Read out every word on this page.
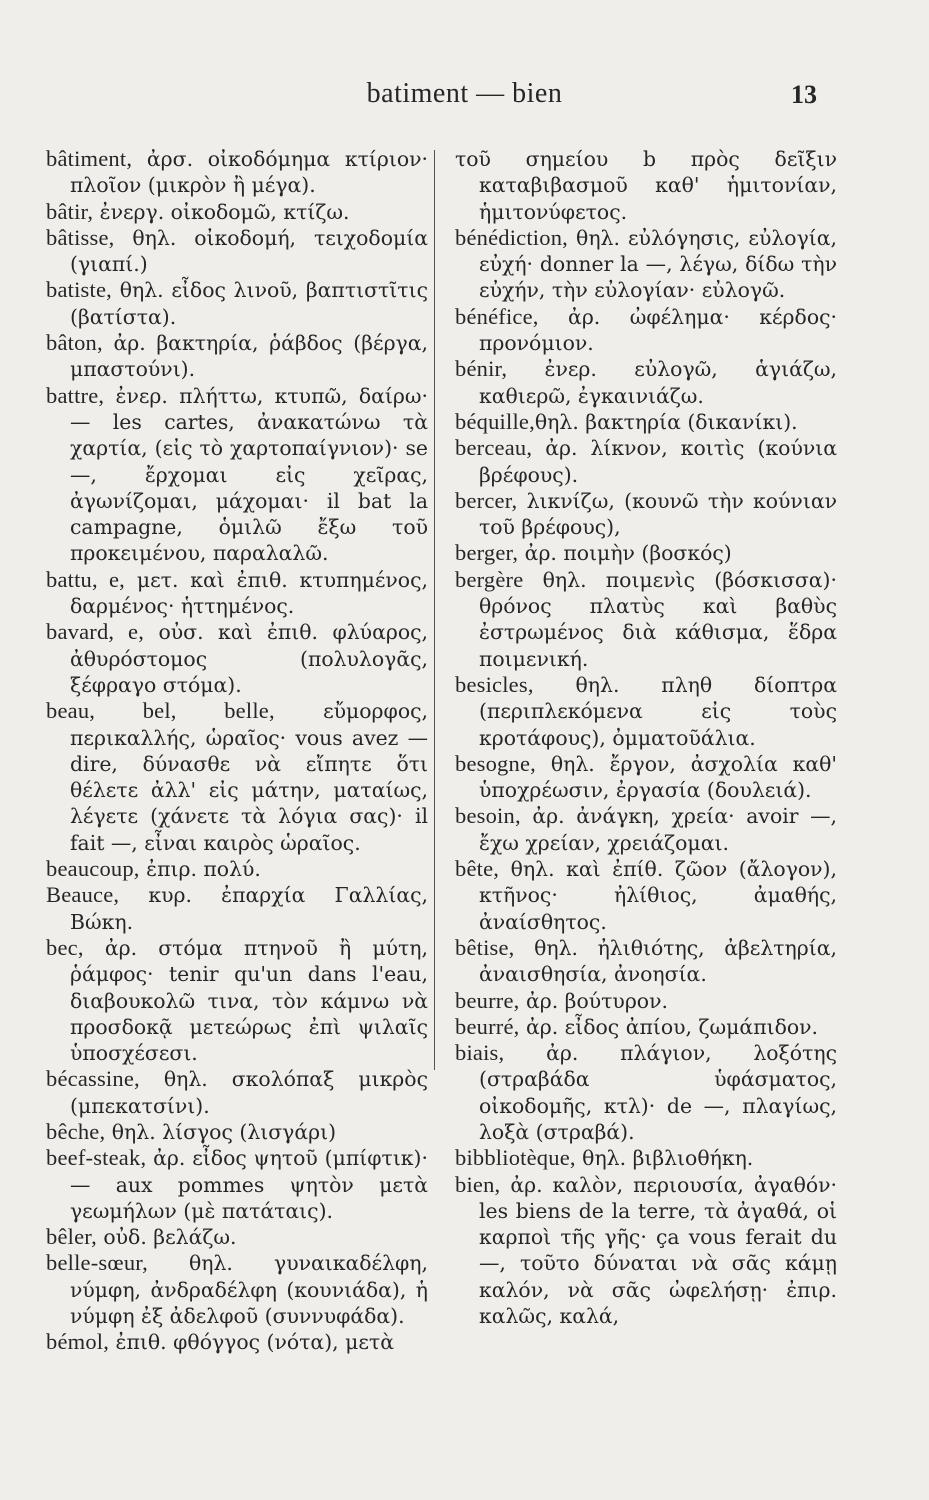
batiment — bien	13

bâtiment, ἀρσ. οἰκοδόμημα κτίριον· πλοῖον (μικρὸν ἢ μέγα).

bâtir, ἐνεργ. οἰκοδομῶ, κτίζω.

bâtisse, θηλ. οἰκοδομή, τειχοδομία (γιαπί.)

batiste, θηλ. εἶδος λινοῦ, βαπτιστῖτις (βατίστα).

bâton, ἀρ. βακτηρία, ῥάβδος (βέργα, μπαστούνι).

battre, ἐνερ. πλήττω, κτυπῶ, δαίρω· — les cartes, ἀνακατώνω τὰ χαρτία, (εἰς τὸ χαρτοπαίγνιον)· se —, ἔρχομαι εἰς χεῖρας, ἀγωνίζομαι, μάχομαι· il bat la campagne, ὁμιλῶ ἔξω τοῦ προκειμένου, παραλαλῶ.

battu, e, μετ. καὶ ἐπιθ. κτυπημένος, δαρμένος· ἡττημένος.

bavard, e, οὐσ. καὶ ἐπιθ. φλύαρος, ἀθυρόστομος (πολυλογᾶς, ξέφραγο στόμα).

beau, bel, belle, εὔμορφος, περικαλλής, ὡραῖος· vous avez — dire, δύνασθε νὰ εἴπητε ὅτι θέλετε ἀλλ' εἰς μάτην, ματαίως, λέγετε (χάνετε τὰ λόγια σας)· il fait —, εἶναι καιρὸς ὡραῖος.

beaucoup, ἐπιρ. πολύ.

Beauce, κυρ. ἐπαρχία Γαλλίας, Βώκη.

bec, ἀρ. στόμα πτηνοῦ ἢ μύτη, ῥάμφος· tenir qu'un dans l'eau, διαβουκολῶ τινα, τὸν κάμνω νὰ προσδοκᾷ μετεώρως ἐπὶ ψιλαῖς ὑποσχέσεσι.

bécassine, θηλ. σκολόπαξ μικρὸς (μπεκατσίνι).

bêche, θηλ. λίσγος (λισγάρι)

beef-steak, ἀρ. εἶδος ψητοῦ (μπίφτικ)· — aux pommes ψητὸν μετὰ γεωμήλων (μὲ πατάταις).

bêler, οὐδ. βελάζω.

belle-sœur, θηλ. γυναικαδέλφη, νύμφη, ἀνδραδέλφη (κουνιάδα), ἡ νύμφη ἐξ ἀδελφοῦ (συννυφάδα).

bémol, ἐπιθ. φθόγγος (νότα), μετὰ

τοῦ σημείου b πρὸς δεῖξιν καταβιβασμοῦ καθ' ἡμιτονίαν, ἡμιτονύφετος.

bénédiction, θηλ. εὐλόγησις, εὐλογία, εὐχή· donner la —, λέγω, δίδω τὴν εὐχήν, τὴν εὐλογίαν· εὐλογῶ.

bénéfice, ἀρ. ὠφέλημα· κέρδος· προνόμιον.

bénir, ἐνερ. εὐλογῶ, ἁγιάζω, καθιερῶ, ἐγκαινιάζω.

béquille,θηλ. βακτηρία (δικανίκι).

berceau, ἀρ. λίκνον, κοιτὶς (κούνια βρέφους).

bercer, λικνίζω, (κουνῶ τὴν κούνιαν τοῦ βρέφους),

berger, ἀρ. ποιμὴν (βοσκός)

bergère θηλ. ποιμενὶς (βόσκισσα)· θρόνος πλατὺς καὶ βαθὺς ἐστρωμένος διὰ κάθισμα, ἕδρα ποιμενική.

besicles, θηλ. πληθ δίοπτρα (περιπλεκόμενα εἰς τοὺς κροτάφους), ὀμματοῦάλια.

besogne, θηλ. ἔργον, ἀσχολία καθ' ὑποχρέωσιν, ἐργασία (δουλειά).

besoin, ἀρ. ἀνάγκη, χρεία· avoir —, ἔχω χρείαν, χρειάζομαι.

bête, θηλ. καὶ ἐπίθ. ζῶον (ἄλογον), κτῆνος· ἠλίθιος, ἀμαθής, ἀναίσθητος.

bêtise, θηλ. ἠλιθιότης, ἀβελτηρία, ἀναισθησία, ἀνοησία.

beurre, ἀρ. βούτυρον.

beurré, ἀρ. εἶδος ἀπίου, ζωμάπιδον.

biais, ἀρ. πλάγιον, λοξότης (στραβάδα ὑφάσματος, οἰκοδομῆς, κτλ)· de —, πλαγίως, λοξὰ (στραβά).

bibbliotèque, θηλ. βιβλιοθήκη.

bien, ἀρ. καλὸν, περιουσία, ἀγαθόν· les biens de la terre, τὰ ἀγαθά, οἱ καρποὶ τῆς γῆς· ça vous ferait du —, τοῦτο δύναται νὰ σᾶς κάμῃ καλόν, νὰ σᾶς ὠφελήσῃ· ἐπιρ. καλῶς, καλά,
